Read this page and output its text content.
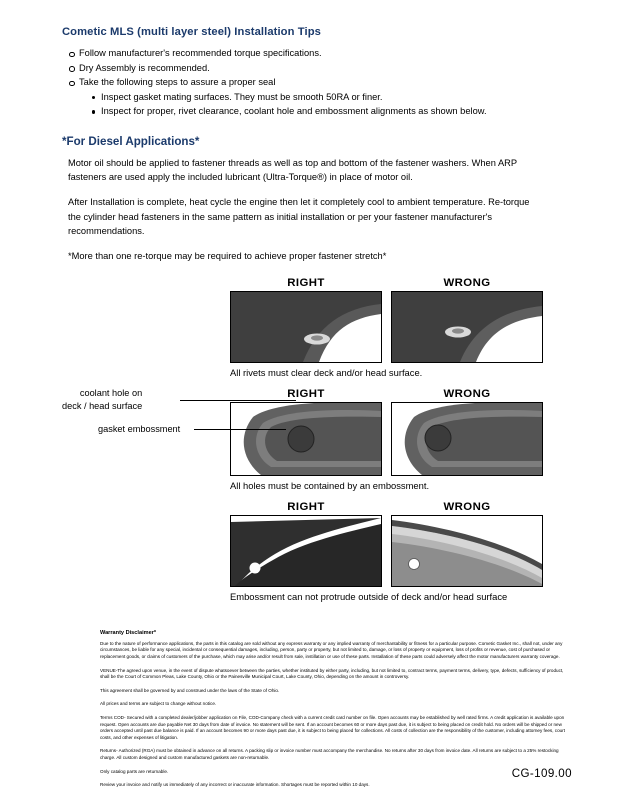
Cometic MLS (multi layer steel) Installation Tips
Follow manufacturer's recommended torque specifications.
Dry Assembly is recommended.
Take the following steps to assure a proper seal
Inspect gasket mating surfaces. They must be smooth 50RA or finer.
Inspect for proper, rivet clearance, coolant hole and embossment alignments as shown below.
*For Diesel Applications*

Motor oil should be applied to fastener threads as well as top and bottom of the fastener washers. When ARP fasteners are used apply the included lubricant (Ultra-Torque®) in place of motor oil.

After Installation is complete, heat cycle the engine then let it completely cool to ambient temperature. Re-torque the cylinder head fasteners in the same pattern as initial installation or per your fastener manufacturer's recommendations.

*More than one re-torque may be required to achieve proper fastener stretch*

RIGHT	WRONG
All rivets must clear deck and/or head surface.
RIGHT	WRONG
All holes must be contained by an embossment.
coolant hole on
deck / head surface
gasket embossment
RIGHT	WRONG
Embossment can not protrude outside of deck and/or head surface
Warranty Disclaimer*

Due to the nature of performance applications, the parts in this catalog are sold without any express warranty or any implied warranty of merchantability or fitness for a particular purpose. Cometic Gasket Inc., shall not, under any circumstances, be liable for any special, incidental or consequential damages, including, person, party or property, but not limited to, damage, or loss of property or equipment, loss of profits or revenue, cost of purchased or replacement goods, or claims of customers of the purchase, which may arise and/or result from sale, instillation or use of these parts. Installation of these parts could adversely affect the motor manufacturers warranty coverage.

VENUE-The agreed upon venue, in the event of dispute whatsoever between the parties, whether instituted by either party, including, but not limited to, contract terms, payment terms, delivery, type, defects, sufficiency of product, shall be the Court of Common Pleas, Lake County, Ohio or the Painesville Municipal Court, Lake County, Ohio, depending on the amount in controversy.

This agreement shall be governed by and construed under the laws of the State of Ohio.

All prices and terms are subject to change without notice.

Terms COD- Secured with a completed dealer/jobber application on File, COD-Company check with a current credit card number on file. Open accounts may be established by well rated firms. A credit application is available upon request. Open accounts are due payable Net 30 days from date of invoice. No statement will be sent. If an account becomes 60 or more days past due, it is subject to being placed on credit hold. No orders will be shipped or new orders accepted until past due balance is paid. If an account becomes 90 or more days past due, it is subject to being placed for collections. All costs of collection are the responsibility of the customer, including attorney fees, court costs, and other expenses of litigation.

Returns- Authorized (RGA) must be obtained in advance on all returns. A packing slip or invoice number must accompany the merchandise. No returns after 30 days from invoice date. All returns are subject to a 25% restocking charge. All custom designed and custom manufactured gaskets are non-returnable.

Only catalog parts are returnable.

Review your invoice and notify us immediately of any incorrect or inaccurate information. Shortages must be reported within 10 days.

CG-109.00
